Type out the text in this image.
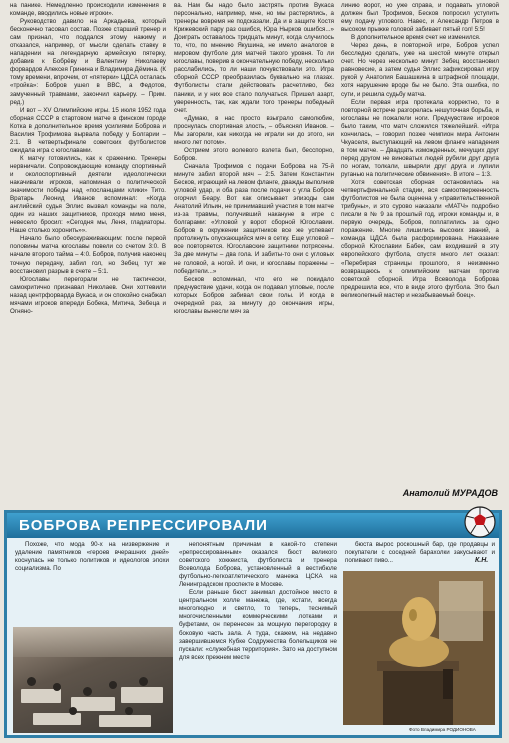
на панике. Немедленно происходили изменения в команде, вводились новые игроки».

Руководство давило на Аркадьева, который бесконечно тасовал состав. Позже старший тренер и сам признал, что поддался этому нажиму и отказался, например, от мысли сделать ставку в нападении на легендарную армейскую пятерку, добавив к Бобрёву и Валентину Николаеву форвардов Алексея Гринина и Владимира Дёмина. (К тому времени, впрочем, от «пятерки» ЦДСА осталась «тройка»: Бобров ушел в ВВС, а Федотов, замученный травмами, закончил карьеру. – Прим. ред.)

И вот – XV Олимпийские игры. 15 июля 1952 года сборная СССР в стартовом матче в финском городе Котка в дополнительное время усилиями Боброва и Василия Трофимова вырвала победу у Болгарии – 2:1. В четвертьфинале советских футболистов ожидала игра с югославами.

К матчу готовились, как к сражению. Тренеры нервничали. Сопровождающие команду спортивный и околоспортивный деятели идеологически накачивали игроков, напоминая о политической значимости победы над «посланцами клики» Тито. Вратарь Леонид Иванов вспоминал: «Когда английский судья Эллис вызвал команды на поле, один из наших защитников, проходя мимо меня, невесело бросил: «Сегодня мы, Леня, гладиаторы. Наше столько хоронить»».

Начало было обескураживающим: после первой половины матча югославы повели со счетом 3:0. В начале второго тайма – 4:0. Бобров, получив наконец точную передачу, забил гол, но Зебец тут же восстановил разрыв в счете – 5:1.

Югославы перегорали не тактически, самокритично признавал Николаев. Они хоттевили назад центрфорварда Вукаса, и он спокойно снабжал мячами игроков впереди Бобека, Митича, Зебеца и Огняно-

ва. Нам бы надо было застрять против Вукаса персонально, например, мне, но мы растерялись, а тренеры вовремя не подсказали. Да и в защите Костя Крижевский пару раз ошибся, Юра Нырков ошибся...» Доиграть оставалось тридцать минут, когда случилось то, что, по мнению Якушина, не имело аналогов в мировом футболе для матчей такого уровня. То ли югославы, поверив в окончательную победу, несколько расслабились, то ли наши почувствовали это. Игра сборной СССР преобразилась буквально на глазах. Футболисты стали действовать расчетливо, без паники, и у них все стало получаться. Пришел азарт, уверенность, так, как ждали того тренеры победный счет.

«Думаю, в нас просто взыграло самолюбие, проснулась спортивная злость, – объяснял Иванов. – Мы загорели, как никогда не играли ни до этого, ни много лет потом».

Острием этого волевого взлета был, бесспорно, Бобров.

Сначала Трофимов с подачи Боброва на 75-й минуте забил второй мяч – 2:5. Затем Константин Бесков, играющий на левом фланге, дважды выполнив угловой удар, и оба раза после подачи с угла Бобров огорчил Беару. Вот как описывает эпизоды сам Анатолий Ильин, не принимавший участия в том матче из-за травмы, получивший накануне в игре с болгарами: «Угловой у ворот сборной Югославии. Бобров в окружении защитников все же успевает протолкнуть опускающийся мяч в сетку. Еще угловой – все повторяется. Югославские защитники потрясены. За две минуты – два гола. И забиты-то они с угловых не головой, а ногой. И они, и югославы поражены – победители...»

Бесков вспоминал, что его не покидало предчувствие удачи, когда он подавал угловые, после которых Бобров забивал свои голы. И когда в очередной раз, за минуту до окончания игры, югославы вынесли мяч за

линию ворот, но уже справа, и подавать угловой должен был Трофимов, Бесков попросил уступить ему подачу углового. Навес, и Александр Петров в высоком прыжке головой забивает пятый гол! 5:5!

В дополнительное время счет не изменился.

Через день, в повторной игре, Бобров успел бесследно сделать, уже на шестой минуте открыл счет. Но через несколько минут Зебец восстановил равновесие, а затем судья Эллис зафиксировал игру рукой у Анатолия Башашкина в штрафной площади, хотя нарушение вроде бы не было. Эта ошибка, по сути, и решила судьбу матча.

Если первая игра протекала корректно, то в повторной встрече разгорелась нешуточная борьба, и югославы не пожалели ноги. Предчувствие игроков было таким, что матч сложился тяжелейший. «Игра кончилась, – говорил позже чемпион мира Антонин Чкуаселя, выступающий на левом фланге нападения в том матче. – Двадцать изможденных, мечущих друг перед другом не виноватых людей рубили друг друга по ногам, толкали, швыряли друг друга и лупили руганью на политические обвинения». В итоге – 1:3.

Хотя советская сборная остановилась на четвертьфинальной стадии, вся самоотверженность футболистов не была оценена у «правительственной трибуны», и это сурово наказали «МАТЧ» подробно писали в № 9 за прошлый год, игроки команды и, в первую очередь, Бобров, поплатились за одно поражение. Многие лишились высоких званий, а команда ЦДСА была расформирована. Наказание сборной Югославии Бабек, сам входивший в эту европейского футбола, спустя много лет сказал: «Перебирая страницы прошлого, я неизменно возвращаюсь к олимпийским матчам против советской сборной. Игра Всеволода Боброва предрешила все, что в виде этого футбола. Это был великолепный мастер и незабываемый боец».

Анатолий МУРАДОВ
БОБРОВА РЕПРЕССИРОВАЛИ

Похоже, что мода 90-х на низвержение и удаление памятников «героев вчерашних дней» коснулась не только политиков и идеологов эпохи социализма. По

непонятным причинам в какой-то степени «репрессированным» оказался бюст великого советского хоккеиста, футболиста и тренера Всеволода Боброва, установленный в вестибюле футбольно-легкоатлетического манежа ЦСКА на Ленинградском проспекте в Москве.

Если раньше бюст занимал достойное место в центральном холле манежа, где, кстати, всегда многолюдно и светло, то теперь, теснимый многочисленными коммерческими лотками и буфетами, он перенесен за мощную перегородку в боковую часть зала. А туда, скажем, на недавно завершившемся Кубке Содружества болельщиков не пускали: «служебная территория». Зато на доступном для всех прежнем месте

бюста вырос роскошный бар, где продавцы и покупатели с соседней барахолки закусывают и попивают пиво...	К.Н.
Фото Владимира РОДИОНОВА
